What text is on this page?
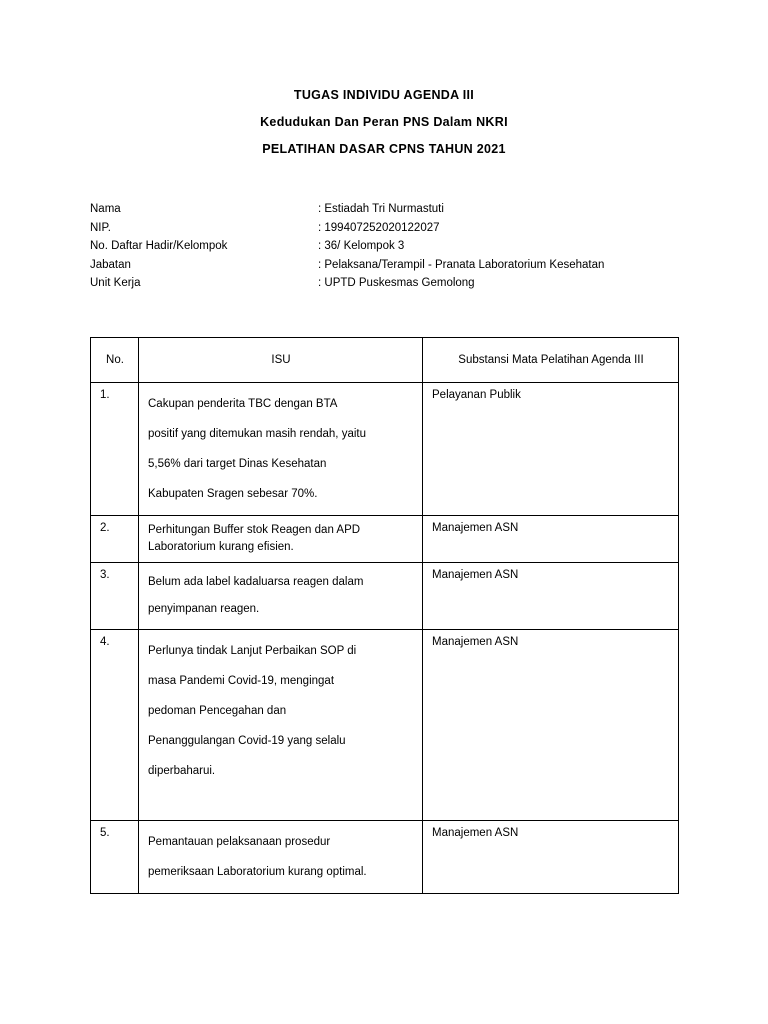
TUGAS INDIVIDU AGENDA III
Kedudukan Dan Peran PNS Dalam NKRI
PELATIHAN DASAR CPNS TAHUN 2021
Nama	: Estiadah Tri Nurmastuti
NIP.	: 199407252020122027
No. Daftar Hadir/Kelompok	: 36/ Kelompok 3
Jabatan	: Pelaksana/Terampil - Pranata Laboratorium Kesehatan
Unit Kerja	: UPTD Puskesmas Gemolong
No.	ISU	Substansi Mata Pelatihan Agenda III
1.	Cakupan penderita TBC dengan BTA
positif yang ditemukan masih rendah, yaitu
5,56% dari target Dinas Kesehatan
Kabupaten Sragen sebesar 70%.	Pelayanan Publik
2.	Perhitungan Buffer stok Reagen dan APD
Laboratorium kurang efisien.	Manajemen ASN
3.	Belum ada label kadaluarsa reagen dalam
penyimpanan reagen.	Manajemen ASN
4.	Perlunya tindak Lanjut Perbaikan SOP di
masa Pandemi Covid-19, mengingat
pedoman Pencegahan dan
Penanggulangan Covid-19 yang selalu
diperbaharui.	Manajemen ASN
5.	Pemantauan pelaksanaan prosedur
pemeriksaan Laboratorium kurang optimal.	Manajemen ASN
